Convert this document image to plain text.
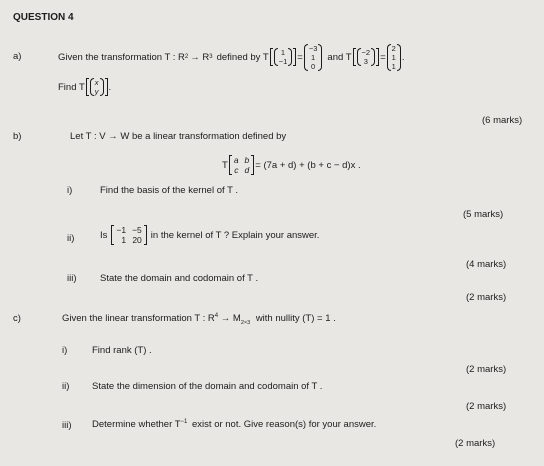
QUESTION 4
a)	Given the transformation T : R 2 → R 3 defined by T 1
−1 =
−3
1
0
and T −2
3 =
2
1
1
.
Find T x
y .
(6 marks)
b)	Let T : V → W be a linear transformation defined by
T a b
c d = (7a + d) + (b + c − d)x .
i)	Find the basis of the kernel of T .
(5 marks)
ii)	Is −1 −5
1 20 in the kernel of T ? Explain your answer.
(4 marks)
iii) State the domain and codomain of T .
(2 marks)
c)	Given the linear transformation T : $R^4 \to M_{2\times 3}$ with nullity (T) = 1 .
i)	Find rank (T) .
(2 marks)
ii) State the dimension of the domain and codomain of T .
(2 marks)
iii) Determine whether $T^{-1}$ exist or not. Give reason(s) for your answer.
(2 marks)
